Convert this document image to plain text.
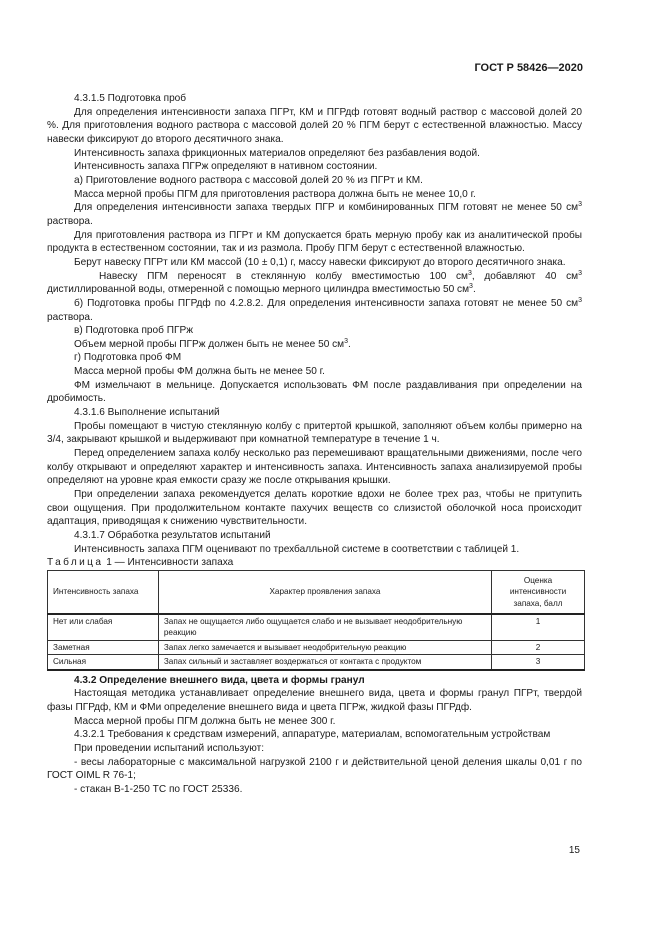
ГОСТ Р 58426—2020

4.3.1.5 Подготовка проб

Для определения интенсивности запаха ПГРт, КМ и ПГРдф готовят водный раствор с массовой долей 20 %. Для приготовления водного раствора с массовой долей 20 % ПГМ берут с естественной влажностью. Массу навески фиксируют до второго десятичного знака.

Интенсивность запаха фрикционных материалов определяют без разбавления водой.

Интенсивность запаха ПГРж определяют в нативном состоянии.

а) Приготовление водного раствора с массовой долей 20 % из ПГРт и КМ.

Масса мерной пробы ПГМ для приготовления раствора должна быть не менее 10,0 г.

Для определения интенсивности запаха твердых ПГР и комбинированных ПГМ готовят не менее 50 $см^3$ раствора.

Для приготовления раствора из ПГРт и КМ допускается брать мерную пробу как из аналитической пробы продукта в естественном состоянии, так и из размола. Пробу ПГМ берут с естественной влажностью.

Берут навеску ПГРт или КМ массой (10 ± 0,1) г, массу навески фиксируют до второго десятичного знака.

Навеску ПГМ переносят в стеклянную колбу вместимостью 100 $см^3$, добавляют 40 $см^3$ дистиллированной воды, отмеренной с помощью мерного цилиндра вместимостью 50 $см^3$.

б) Подготовка пробы ПГРдф по 4.2.8.2. Для определения интенсивности запаха готовят не менее 50 $см^3$ раствора.

в) Подготовка проб ПГРж

Объем мерной пробы ПГРж должен быть не менее 50 $см^3$.

г) Подготовка проб ФМ

Масса мерной пробы ФМ должна быть не менее 50 г.

ФМ измельчают в мельнице. Допускается использовать ФМ после раздавливания при определении на дробимость.

4.3.1.6 Выполнение испытаний

Пробы помещают в чистую стеклянную колбу с притертой крышкой, заполняют объем колбы примерно на 3/4, закрывают крышкой и выдерживают при комнатной температуре в течение 1 ч.

Перед определением запаха колбу несколько раз перемешивают вращательными движениями, после чего колбу открывают и определяют характер и интенсивность запаха. Интенсивность запаха анализируемой пробы определяют на уровне края емкости сразу же после открывания крышки.

При определении запаха рекомендуется делать короткие вдохи не более трех раз, чтобы не притупить свои ощущения. При продолжительном контакте пахучих веществ со слизистой оболочкой носа происходит адаптация, приводящая к снижению чувствительности.

4.3.1.7 Обработка результатов испытаний

Интенсивность запаха ПГМ оценивают по трехбалльной системе в соответствии с таблицей 1.

Таблица 1 — Интенсивности запаха

Интенсивность запаха	Характер проявления запаха	Оценка интенсивности запаха, балл
Нет или слабая	Запах не ощущается либо ощущается слабо и не вызывает неодобрительную реакцию	1
Заметная	Запах легко замечается и вызывает неодобрительную реакцию	2
Сильная	Запах сильный и заставляет воздержаться от контакта с продуктом	3

4.3.2 Определение внешнего вида, цвета и формы гранул

Настоящая методика устанавливает определение внешнего вида, цвета и формы гранул ПГРт, твердой фазы ПГРдф, КМ и ФМи определение внешнего вида и цвета ПГРж, жидкой фазы ПГРдф.

Масса мерной пробы ПГМ должна быть не менее 300 г.

4.3.2.1 Требования к средствам измерений, аппаратуре, материалам, вспомогательным устройствам

При проведении испытаний используют:

- весы лабораторные с максимальной нагрузкой 2100 г и действительной ценой деления шкалы 0,01 г по ГОСТ OIML R 76-1;

- стакан В-1-250 ТС по ГОСТ 25336.

15
